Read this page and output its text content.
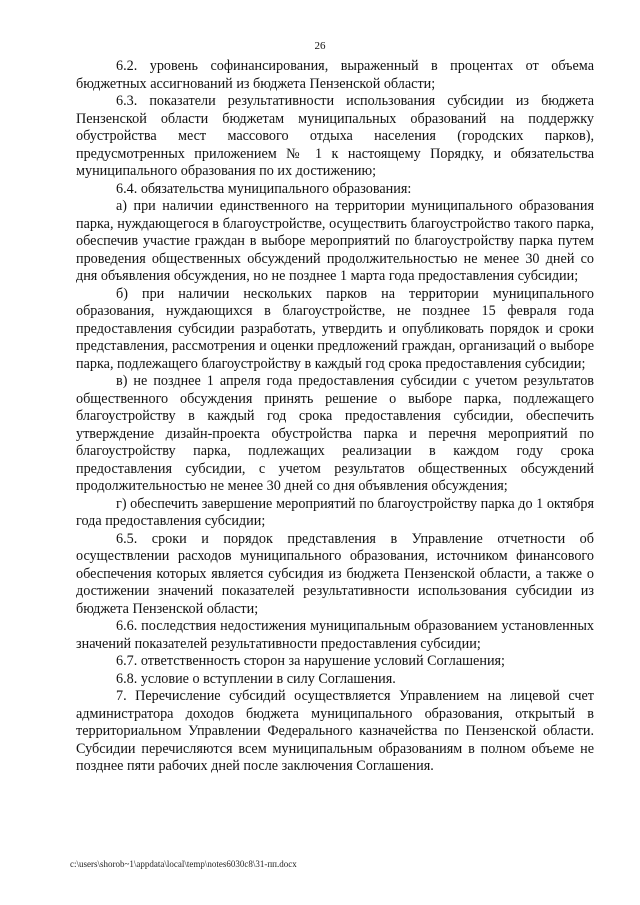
26

6.2. уровень софинансирования, выраженный в процентах от объема бюджетных ассигнований из бюджета Пензенской области;

6.3. показатели результативности использования субсидии из бюджета Пензенской области бюджетам муниципальных образований на поддержку обустройства мест массового отдыха населения (городских парков), предусмотренных приложением № 1 к настоящему Порядку, и обязательства муниципального образования по их достижению;

6.4. обязательства муниципального образования:

а) при наличии единственного на территории муниципального образования парка, нуждающегося в благоустройстве, осуществить благоустройство такого парка, обеспечив участие граждан в выборе мероприятий по благоустройству парка путем проведения общественных обсуждений продолжительностью не менее 30 дней со дня объявления обсуждения, но не позднее 1 марта года предоставления субсидии;

б) при наличии нескольких парков на территории муниципального образования, нуждающихся в благоустройстве, не позднее 15 февраля года предоставления субсидии разработать, утвердить и опубликовать порядок и сроки представления, рассмотрения и оценки предложений граждан, организаций о выборе парка, подлежащего благоустройству в каждый год срока предоставления субсидии;

в) не позднее 1 апреля года предоставления субсидии с учетом результатов общественного обсуждения принять решение о выборе парка, подлежащего благоустройству в каждый год срока предоставления субсидии, обеспечить утверждение дизайн-проекта обустройства парка и перечня мероприятий по благоустройству парка, подлежащих реализации в каждом году срока предоставления субсидии, с учетом результатов общественных обсуждений продолжительностью не менее 30 дней со дня объявления обсуждения;

г) обеспечить завершение мероприятий по благоустройству парка до 1 октября года предоставления субсидии;

6.5. сроки и порядок представления в Управление отчетности об осуществлении расходов муниципального образования, источником финансового обеспечения которых является субсидия из бюджета Пензенской области, а также о достижении значений показателей результативности использования субсидии из бюджета Пензенской области;

6.6. последствия недостижения муниципальным образованием установленных значений показателей результативности предоставления субсидии;

6.7. ответственность сторон за нарушение условий Соглашения;

6.8. условие о вступлении в силу Соглашения.

7. Перечисление субсидий осуществляется Управлением на лицевой счет администратора доходов бюджета муниципального образования, открытый в территориальном Управлении Федерального казначейства по Пензенской области. Субсидии перечисляются всем муниципальным образованиям в полном объеме не позднее пяти рабочих дней после заключения Соглашения.

c:\users\shorob~1\appdata\local\temp\notes6030c8\31-пп.docx
